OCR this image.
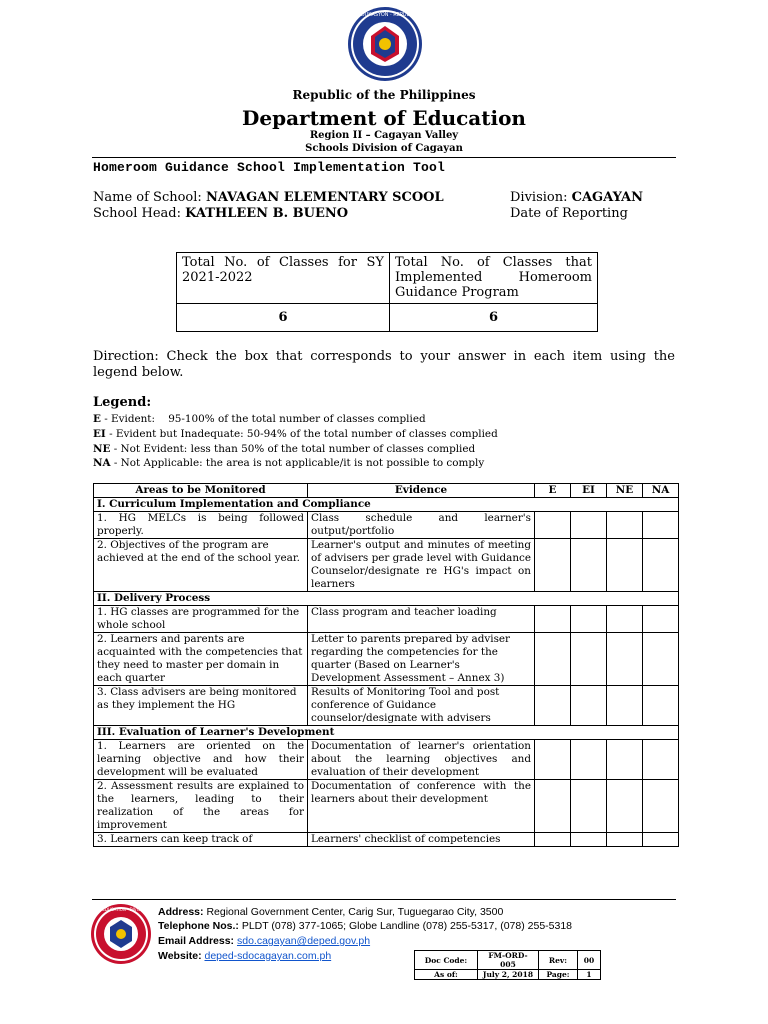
KAGAWARAN NG EDUKASYON · REPUBLIKA NG PILIPINAS
Republic of the Philippines
Department of Education
Region II – Cagayan Valley
Schools Division of Cagayan
Homeroom Guidance School Implementation Tool
Name of School: NAVAGAN ELEMENTARY SCOOL	Division: CAGAYAN
School Head: KATHLEEN B. BUENO	Date of Reporting
Total No. of Classes for SY 2021-2022	Total No. of Classes that Implemented Homeroom Guidance Program
6	6
Direction: Check the box that corresponds to your answer in each item using the legend below.
Legend:
E - Evident:    95-100% of the total number of classes complied
EI - Evident but Inadequate: 50-94% of the total number of classes complied
NE - Not Evident: less than 50% of the total number of classes complied
NA - Not Applicable: the area is not applicable/it is not possible to comply
Areas to be Monitored	Evidence	E	EI	NE	NA
I. Curriculum Implementation and Compliance					
1. HG MELCs is being followed properly.	Class schedule and learner's output/portfolio				
2. Objectives of the program are achieved at the end of the school year.	Learner's output and minutes of meeting of advisers per grade level with Guidance Counselor/designate re HG's impact on learners				
II. Delivery Process					
1. HG classes are programmed for the whole school	Class program and teacher loading				
2. Learners and parents are acquainted with the competencies that they need to master per domain in each quarter	Letter to parents prepared by adviser regarding the competencies for the quarter (Based on Learner's Development Assessment – Annex 3)				
3. Class advisers are being monitored as they implement the HG	Results of Monitoring Tool and post conference of Guidance counselor/designate with advisers				
III. Evaluation of Learner's Development					
1. Learners are oriented on the learning objective and how their development will be evaluated	Documentation of learner's orientation about the learning objectives and evaluation of their development				
2. Assessment results are explained to the learners, leading to their realization of the areas for improvement	Documentation of conference with the learners about their development				
3. Learners can keep track of	Learners' checklist of competencies				
DEPARTMENT OF EDUCATION · DIVISION OF CAGAYAN
Address: Regional Government Center, Carig Sur, Tuguegarao City, 3500
Telephone Nos.: PLDT (078) 377-1065; Globe Landline (078) 255-5317, (078) 255-5318
Email Address: sdo.cagayan@deped.gov.ph
Website: deped-sdocagayan.com.ph	Doc Code:	FM-ORD-005	Rev:	00
As of:	July 2, 2018	Page:	1
